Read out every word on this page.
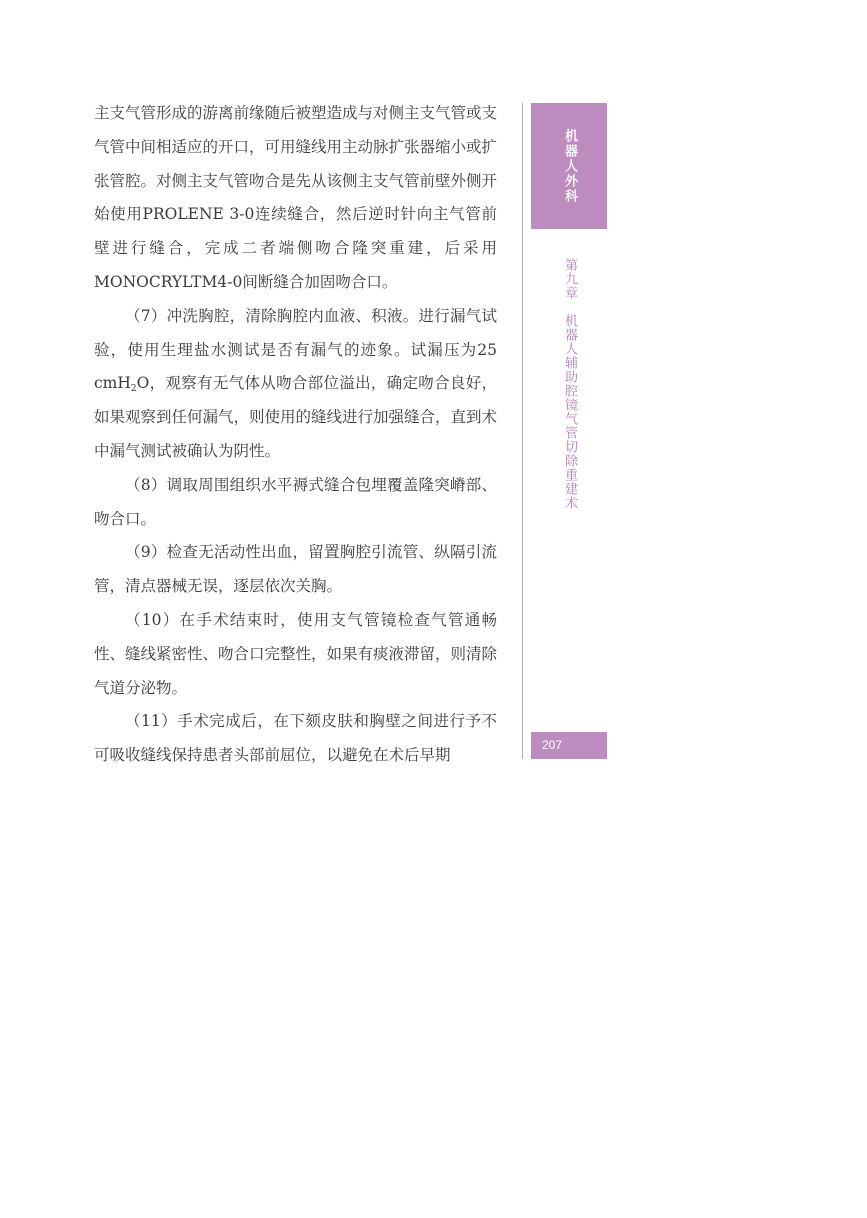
主支气管形成的游离前缘随后被塑造成与对侧主支气管或支气管中间相适应的开口，可用缝线用主动脉扩张器缩小或扩张管腔。对侧主支气管吻合是先从该侧主支气管前壁外侧开始使用PROLENE 3-0连续缝合，然后逆时针向主气管前壁进行缝合，完成二者端侧吻合隆突重建，后采用MONOCRYLTM4-0间断缝合加固吻合口。

（7）冲洗胸腔，清除胸腔内血液、积液。进行漏气试验，使用生理盐水测试是否有漏气的迹象。试漏压为25 cmH$_2$O，观察有无气体从吻合部位溢出，确定吻合良好，如果观察到任何漏气，则使用的缝线进行加强缝合，直到术中漏气测试被确认为阴性。

（8）调取周围组织水平褥式缝合包埋覆盖隆突嵴部、吻合口。

（9）检查无活动性出血，留置胸腔引流管、纵隔引流管，清点器械无误，逐层依次关胸。

（10）在手术结束时，使用支气管镜检查气管通畅性、缝线紧密性、吻合口完整性，如果有痰液滞留，则清除气道分泌物。

（11）手术完成后，在下颏皮肤和胸壁之间进行予不可吸收缝线保持患者头部前屈位，以避免在术后早期

机器人外科
第九章　机器人辅助腔镜气管切除重建术
207
